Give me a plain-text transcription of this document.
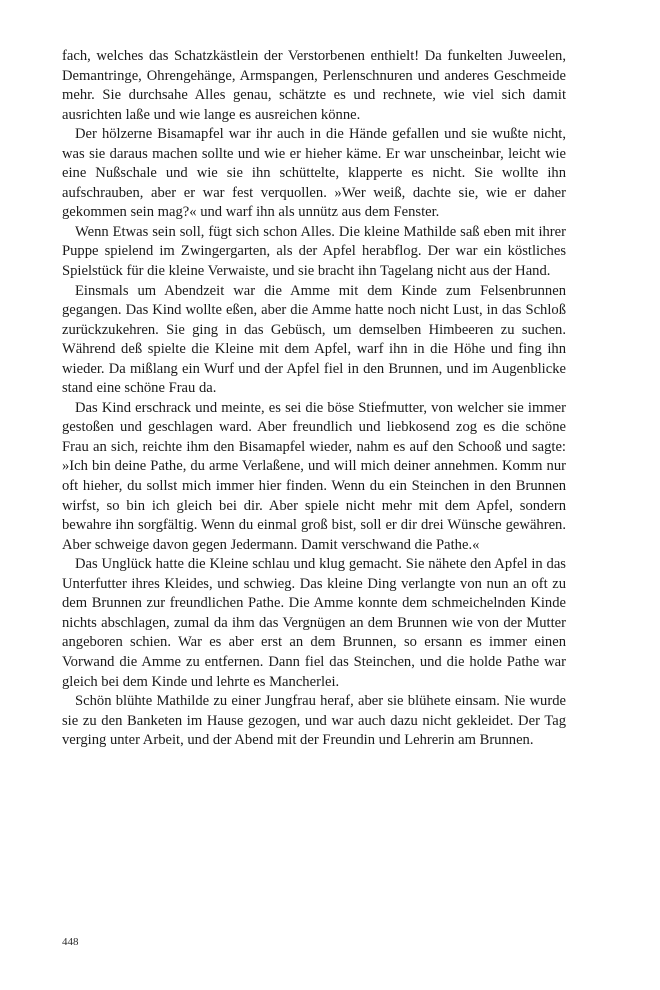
fach, welches das Schatzkästlein der Verstorbenen enthielt! Da funkelten Juweelen, Demantringe, Ohrengehänge, Armspangen, Perlenschnuren und anderes Geschmeide mehr. Sie durchsahe Alles genau, schätzte es und rechnete, wie viel sich damit ausrichten laße und wie lange es ausreichen könne.

Der hölzerne Bisamapfel war ihr auch in die Hände gefallen und sie wußte nicht, was sie daraus machen sollte und wie er hieher käme. Er war unscheinbar, leicht wie eine Nußschale und wie sie ihn schüttelte, klapperte es nicht. Sie wollte ihn aufschrauben, aber er war fest verquollen. »Wer weiß, dachte sie, wie er daher gekommen sein mag?« und warf ihn als unnütz aus dem Fenster.

Wenn Etwas sein soll, fügt sich schon Alles. Die kleine Mathilde saß eben mit ihrer Puppe spielend im Zwingergarten, als der Apfel herabflog. Der war ein köstliches Spielstück für die kleine Verwaiste, und sie bracht ihn Tagelang nicht aus der Hand.

Einsmals um Abendzeit war die Amme mit dem Kinde zum Felsenbrunnen gegangen. Das Kind wollte eßen, aber die Amme hatte noch nicht Lust, in das Schloß zurückzukehren. Sie ging in das Gebüsch, um demselben Himbeeren zu suchen. Während deß spielte die Kleine mit dem Apfel, warf ihn in die Höhe und fing ihn wieder. Da mißlang ein Wurf und der Apfel fiel in den Brunnen, und im Augenblicke stand eine schöne Frau da.

Das Kind erschrack und meinte, es sei die böse Stiefmutter, von welcher sie immer gestoßen und geschlagen ward. Aber freundlich und liebkosend zog es die schöne Frau an sich, reichte ihm den Bisamapfel wieder, nahm es auf den Schooß und sagte: »Ich bin deine Pathe, du arme Verlaßene, und will mich deiner annehmen. Komm nur oft hieher, du sollst mich immer hier finden. Wenn du ein Steinchen in den Brunnen wirfst, so bin ich gleich bei dir. Aber spiele nicht mehr mit dem Apfel, sondern bewahre ihn sorgfältig. Wenn du einmal groß bist, soll er dir drei Wünsche gewähren. Aber schweige davon gegen Jedermann. Damit verschwand die Pathe.«

Das Unglück hatte die Kleine schlau und klug gemacht. Sie nähete den Apfel in das Unterfutter ihres Kleides, und schwieg. Das kleine Ding verlangte von nun an oft zu dem Brunnen zur freundlichen Pathe. Die Amme konnte dem schmeichelnden Kinde nichts abschlagen, zumal da ihm das Vergnügen an dem Brunnen wie von der Mutter angeboren schien. War es aber erst an dem Brunnen, so ersann es immer einen Vorwand die Amme zu entfernen. Dann fiel das Steinchen, und die holde Pathe war gleich bei dem Kinde und lehrte es Mancherlei.

Schön blühte Mathilde zu einer Jungfrau heraf, aber sie blühete einsam. Nie wurde sie zu den Banketen im Hause gezogen, und war auch dazu nicht gekleidet. Der Tag verging unter Arbeit, und der Abend mit der Freundin und Lehrerin am Brunnen.

448
